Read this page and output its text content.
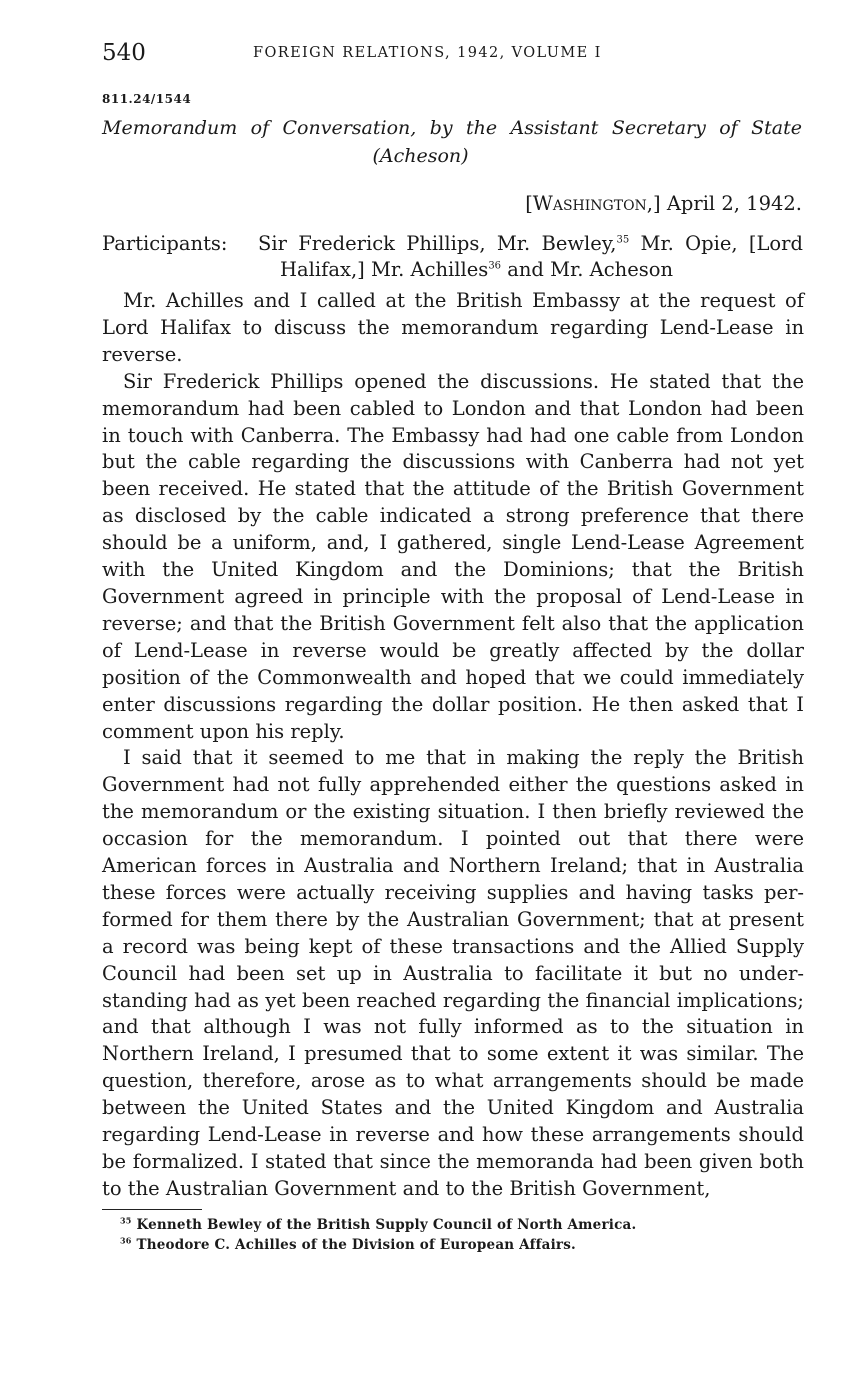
540	FOREIGN RELATIONS, 1942, VOLUME I
811.24/1544
Memorandum of Conversation, by the Assistant Secretary of State
(Acheson)
[Washington,] April 2, 1942.
Participants: Sir Frederick Phillips, Mr. Bewley,$^{35}$ Mr. Opie, [Lord
Halifax,] Mr. Achilles$^{36}$ and Mr. Acheson

Mr. Achilles and I called at the British Embassy at the request of Lord Halifax to discuss the memorandum regarding Lend-Lease in reverse.

Sir Frederick Phillips opened the discussions. He stated that the memorandum had been cabled to London and that London had been in touch with Canberra. The Embassy had had one cable from London but the cable regarding the discussions with Canberra had not yet been received. He stated that the attitude of the British Government as disclosed by the cable indicated a strong preference that there should be a uniform, and, I gathered, single Lend-Lease Agreement with the United Kingdom and the Dominions; that the British Government agreed in principle with the proposal of Lend-Lease in reverse; and that the British Government felt also that the application of Lend-Lease in reverse would be greatly affected by the dollar position of the Commonwealth and hoped that we could immediately enter discussions regarding the dollar position. He then asked that I comment upon his reply.

I said that it seemed to me that in making the reply the British Government had not fully apprehended either the questions asked in the memorandum or the existing situation. I then briefly reviewed the occasion for the memorandum. I pointed out that there were American forces in Australia and Northern Ireland; that in Australia these forces were actually receiving supplies and having tasks performed for them there by the Australian Government; that at present a record was being kept of these transactions and the Allied Supply Council had been set up in Australia to facilitate it but no understanding had as yet been reached regarding the financial implications; and that although I was not fully informed as to the situation in Northern Ireland, I presumed that to some extent it was similar. The question, therefore, arose as to what arrangements should be made between the United States and the United Kingdom and Australia regarding Lend-Lease in reverse and how these arrangements should be formalized. I stated that since the memoranda had been given both to the Australian Government and to the British Government,

$^{35}$ Kenneth Bewley of the British Supply Council of North America.
$^{36}$ Theodore C. Achilles of the Division of European Affairs.
